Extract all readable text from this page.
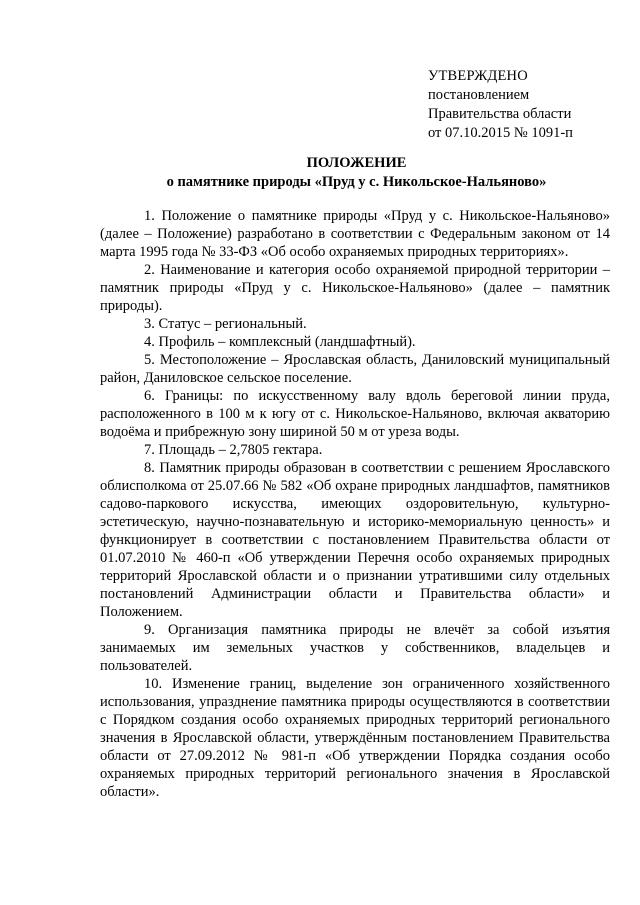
УТВЕРЖДЕНО
постановлением
Правительства области
от 07.10.2015 № 1091-п
ПОЛОЖЕНИЕ
о памятнике природы «Пруд у с. Никольское-Нальяново»

1. Положение о памятнике природы «Пруд у с. Никольское-Нальяново» (далее – Положение) разработано в соответствии с Федеральным законом от 14 марта 1995 года № 33-ФЗ «Об особо охраняемых природных территориях».

2. Наименование и категория особо охраняемой природной территории – памятник природы «Пруд у с. Никольское-Нальяново» (далее – памятник природы).

3. Статус – региональный.

4. Профиль – комплексный (ландшафтный).

5. Местоположение – Ярославская область, Даниловский муниципальный район, Даниловское сельское поселение.

6. Границы: по искусственному валу вдоль береговой линии пруда, расположенного в 100 м к югу от с. Никольское-Нальяново, включая акваторию водоёма и прибрежную зону шириной 50 м от уреза воды.

7. Площадь – 2,7805 гектара.

8. Памятник природы образован в соответствии с решением Ярославского облисполкома от 25.07.66 № 582 «Об охране природных ландшафтов, памятников садово-паркового искусства, имеющих оздоровительную, культурно-эстетическую, научно-познавательную и историко-мемориальную ценность» и функционирует в соответствии с постановлением Правительства области от 01.07.2010 № 460-п «Об утверждении Перечня особо охраняемых природных территорий Ярославской области и о признании утратившими силу отдельных постановлений Администрации области и Правительства области» и Положением.

9. Организация памятника природы не влечёт за собой изъятия занимаемых им земельных участков у собственников, владельцев и пользователей.

10. Изменение границ, выделение зон ограниченного хозяйственного использования, упразднение памятника природы осуществляются в соответствии с Порядком создания особо охраняемых природных территорий регионального значения в Ярославской области, утверждённым постановлением Правительства области от 27.09.2012 № 981-п «Об утверждении Порядка создания особо охраняемых природных территорий регионального значения в Ярославской области».
